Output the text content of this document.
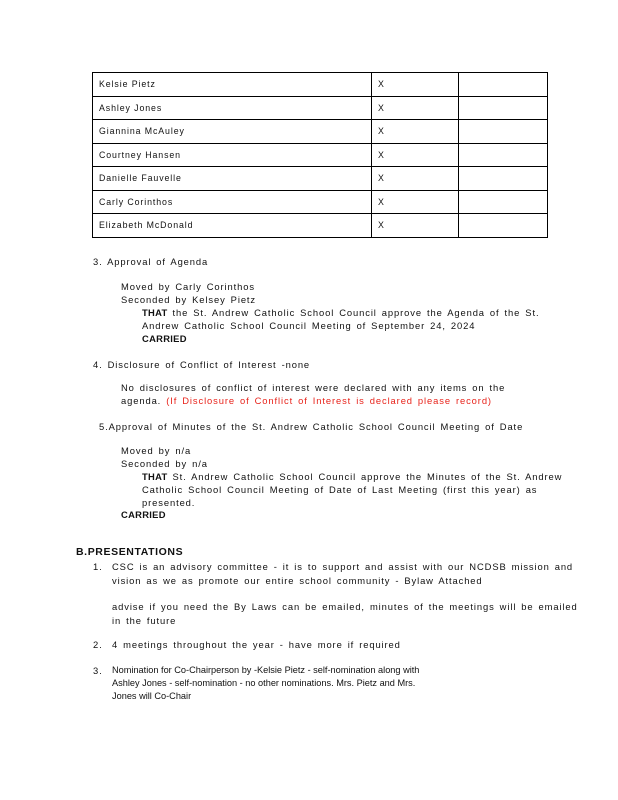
Kelsie Pietz	X	
Ashley Jones	X	
Giannina McAuley	X	
Courtney Hansen	X	
Danielle Fauvelle	X	
Carly Corinthos	X	
Elizabeth McDonald	X	
3. Approval of Agenda
Moved by Carly Corinthos
Seconded by Kelsey Pietz
THAT the St. Andrew Catholic School Council approve the Agenda of the St.
Andrew Catholic School Council Meeting of September 24, 2024
CARRIED
4. Disclosure of Conflict of Interest -none
No disclosures of conflict of interest were declared with any items on the
agenda. (If Disclosure of Conflict of Interest is declared please record)
5.Approval of Minutes of the St. Andrew Catholic School Council Meeting of Date
Moved by n/a
Seconded by n/a
THAT St. Andrew Catholic School Council approve the Minutes of the St. Andrew
Catholic School Council Meeting of Date of Last Meeting (first this year) as
presented.
CARRIED
B.PRESENTATIONS
1. CSC is an advisory committee - it is to support and assist with our NCDSB mission and
vision as we as promote our entire school community - Bylaw Attached
advise if you need the By Laws can be emailed, minutes of the meetings will be emailed
in the future
2. 4 meetings throughout the year - have more if required
3. Nomination for Co-Chairperson by -Kelsie Pietz - self-nomination along with
Ashley Jones - self-nomination - no other nominations. Mrs. Pietz and Mrs.
Jones will Co-Chair
